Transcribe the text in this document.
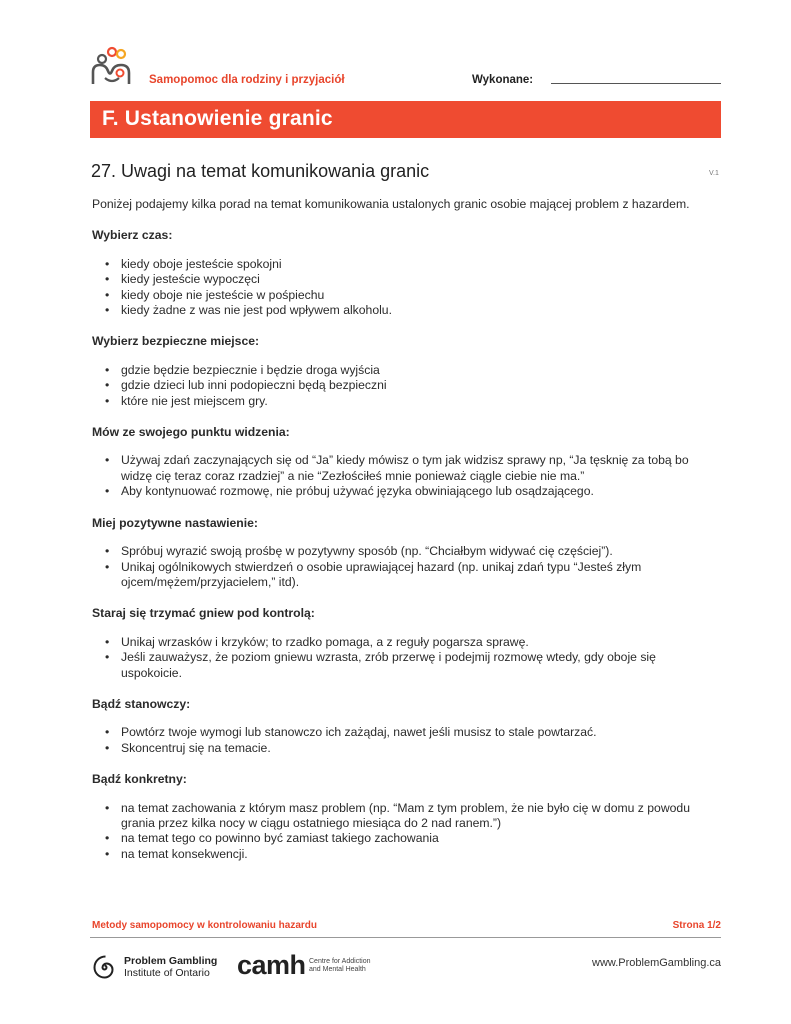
Samopomoc dla rodziny i przyjaciół	Wykonane:
F. Ustanowienie granic
27. Uwagi na temat komunikowania granic	V.1

Poniżej podajemy kilka porad na temat komunikowania ustalonych granic osobie mającej problem z hazardem.

Wybierz czas:
• kiedy oboje jesteście spokojni
• kiedy jesteście wypoczęci
• kiedy oboje nie jesteście w pośpiechu
• kiedy żadne z was nie jest pod wpływem alkoholu.
Wybierz bezpieczne miejsce:
• gdzie będzie bezpiecznie i będzie droga wyjścia
• gdzie dzieci lub inni podopieczni będą bezpieczni
• które nie jest miejscem gry.
Mów ze swojego punktu widzenia:
• Używaj zdań zaczynających się od “Ja” kiedy mówisz o tym jak widzisz sprawy np, “Ja tęsknię za tobą bo widzę cię teraz coraz rzadziej” a nie “Zezłościłeś mnie ponieważ ciągle ciebie nie ma.”
• Aby kontynuować rozmowę, nie próbuj używać języka obwiniającego lub osądzającego.
Miej pozytywne nastawienie:
• Spróbuj wyrazić swoją prośbę w pozytywny sposób (np. “Chciałbym widywać cię częściej”).
• Unikaj ogólnikowych stwierdzeń o osobie uprawiającej hazard (np. unikaj zdań typu “Jesteś złym ojcem/mężem/przyjacielem,” itd).
Staraj się trzymać gniew pod kontrolą:
• Unikaj wrzasków i krzyków; to rzadko pomaga, a z reguły pogarsza sprawę.
• Jeśli zauważysz, że poziom gniewu wzrasta, zrób przerwę i podejmij rozmowę wtedy, gdy oboje się uspokoicie.
Bądź stanowczy:
• Powtórz twoje wymogi lub stanowczo ich zażądaj, nawet jeśli musisz to stale powtarzać.
• Skoncentruj się na temacie.
Bądź konkretny:
• na temat zachowania z którym masz problem (np. “Mam z tym problem, że nie było cię w domu z powodu grania przez kilka nocy w ciągu ostatniego miesiąca do 2 nad ranem.”)
• na temat tego co powinno być zamiast takiego zachowania
• na temat konsekwencji.
Metody samopomocy w kontrolowaniu hazardu	Strona 1/2
Problem Gambling
Institute of Ontario camh Centre for Addiction
and Mental Health
www.ProblemGambling.ca
